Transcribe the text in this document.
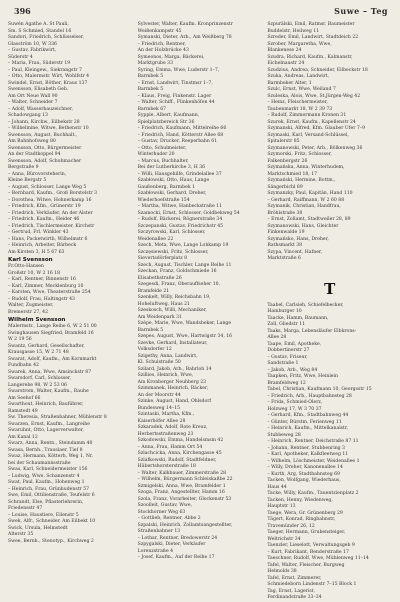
396	Suwe – Teg
Suwén Agathe A. St Pauli,
Sm. S Schmied, Standel 16
Sandori, Friedrich, Schlüsselser,
Glasström 10, W 336
– Gustav, Fabrikwirt,
Süderstr 4
– Maria, Frau, Süderstr 19
– Paul, Kleingew., Siekrangstr 7
– Otto, Malermstr. Wirt, Wohlfstr 4
Swindel, Ernst, Böther, Kraus 137
Swensson, Elisabeth Geb.
Am Ort Neue Wall 90
– Walter, Schneider 7
– Adolf, Wasserbauzeichner,
Schadowgang 13
– Johann, Kirchw., Eilbekstr 28
– Wilhelmine, Witwe, Bethenstr 10
Swensson, August, Buchhalt.,
Am Bahnhofsweg 80
Swensson, Otto, Bürgermeister
An der Stadtkoppel 94
Swensson, Adolf, Schuhmacher
Bergstraße 9
– Anna, Bürovorsteherin,
Kleine Bergstr 5
– August, Schlosser, Lange Weg 5
– Bernhard, Kaufm., Groß Borstelstr 3
– Dorothea, Witwe, Hohnerkamp 16
– Friedrich, Kfm., Grünerstr 19
– Friedrich, Verkäufer, An der Alster
– Friedrich, Kaufm., Heider 46
– Friedrich, Tischlermeister, Kirchstr
– Gertrud, Frl. Winkler 43
– Hans, Packetwirth, Wilhelmstr 6
– Heinrich, Arbeiter, Bärbeck
Am Kirsten 3, H 5 67 63
Karl Svensson
Fr.Otto-Hansen
Großstr 10, W 2 16 18
– Karl, Rentner, Binnenstr 16
– Karl, Zimmer, Mecklenburg 10
– Karsten, Wwe, Theaterstraße 254
– Rudolf, Frau, Haltingstr 43
Walter, Zugmeister,
Bremerstr 27, 42
Wilhelm Svensson
Malermstr., Lange Reihe 6, W 2 51 00
Swinghausen Siegfried, Bramfeld 16
W 2 19 56
Swantz, Gerhard, Gesellschafter,
Krausgasse 15, W 2 71 48
Swarat, Adolf, Kaufm., Am Kornmarkt
Fundbahn 42
Swarek, Anna, Wwe, Amsinckstr 87
Swarsdorf, Carl, Schlosser,
Langerebe 98, W 2 53 06
Swarstrom, Walter, Kaufm., Rauhe
Am Seehof 66
Swarthout, Heinrich, Bauführer,
Ramstedt 49
Sw. Theresia, Straßenbahner, Mühlenstr 8
Swarzen, Ernst, Kaufm., Langreihe
Swaruhnt, Otto, Lagerverwalter,
Am Kanal 12
Swarz, Anna, Rentn., Steindamm 40
Swasa, Bernh., Trauslaer, Tief 8
Swaz, Hermann, Kötterh, Weg 1, Nr.
bei der Schaumannsstraße
Swas, Karl, Schneidermeister 156
– Ludwig, Wwe, Schanzenstr 4
Swat, Paul, Kaufm., Hohenweg 1
– Heinrich, Frau, Grünhudenstr 57
Swe, Emil, Ottilienstraße, Teufelstr 6
Schrandt, Else, Pflasterlehrerin,
Friedensstr 47
– Louise, Haustiere, Eilenstr 5
Swek, Alfr., Schneider, Am Eilbekt 10
Swick, Ursula, Helmstedt
Alterstr 35
Swee, Bernh., Stenotyp., Kirchweg 2
Sylvester, Walter, Kaufm. Kronprinzenstr
Weißenkampstr 45
Symanski, Dieter, Arb., Am Weißberg 78
– Friedrich, Rentner,
An der Holzbrücke 43
Symeonos, Marga, Bäckerei,
Marktgrube 33
Syring, Emma, Wwe, Luderstr 1–7,
Barmbek 5
– Ernst, Landwirt, Tinstmsr 1–7,
Barmbek 5
– Klaus, Freig, Finkenstr. Lager
– Walter, Schiff., Flinkenhöfen 44
Barmbek 67
Sypple, Albert, Kaufmann,
Spielplatzbereich Str 36
– Friedrich, Kaufmann, Mittelreihe 66
– Friedrich, Hand, Kötterstr Allee 68
– Gustav, Drucker, Reeperbahn 61
– Otto, Schulmeister,
Winterhuder 20
– Marcus, Buchhalter,
Bei der Lutherkirche 3, H 36
– Willi, Hausgehilfe, Grindelallee 37
Szabłowski, Otto, Haus, Lange
Gaußenberg, Barmbek 1
Szabłowski, Gerhard, Dreher,
Wiederhoefstraße 154
– Martha, Witwe, Hanbeckstraße 11
Szamocki, Ernst, Schlosser, Goldbekweg 54
– Rudolf, Bäckerei, Rögnerstraße 34
Szczepanski, Gustav, Friedrichstr 45
Szczyrowski, Karl, Schlosser,
Weidenallee 22
Szech, Meta, Wwe, Lange Lohkamp 19
Szczęsiewski, Fritz, Schlosser,
Sievertsdörferplatz 8
Szech, August, Tischler, Lange Reihe 11
Szeckan, Franz, Goldschmiede 16
Elisabethstraße 26
Szegesdi, Franz, Oberauffseher 10,
Bramfelde 21
Szenkelt, Willy, Reichsbahn 19,
Hoheluftweg, Haus 21
Szeskosch, Willi, Mechaniker,
Am Weidenpark 31
Szépe, Marie, Wwe, Wandsbeker, Lange
Barmbek 5
Szepes, August, Wwe, Hartwigstr 34, 16
Szevke, Gerhard, Installateur,
Volksdorfer 12
Szigethy, Anna, Landwirt,
Kl. Schulstraße 50
Szilard, Jakob, Arb., Bahrloh 14
Szillies, Heinrich, Wwe,
Am Kronberger Neuhberg 23
Szimmanek, Heinrich, Bäcker,
An der Moorstr 44
Szinke, August, Hand, Ohlsdorf
Bundesweg 14–15
Szintaski, Martha, Kfm.,
Kaiserhöfer Allee 28
Szkaradek, Adolf, Rote Kreuz,
Herbertsstraßenweg 23
Szkodowski, Emma, Handelsmsm 42
– Anna, Frau, Hamm Ort 54
Szlachcicka, Anna, Kirchengasse 45
Szlafkowski, Rudolf, Stadtfeldner,
Hübertshorsterstraße 18
– Walter, Kalkbauer, Zimmerstraße 28
– Wilhelm, Bürgermann Schleiskaßbe 22
Szmigelski, Anna, Wwe, Bramfelder 1
Szoga, Franz, Angestellter, Hamm 16
Szola, Franz, Vorarbeiter, Glockenstr 53
Szoolleit, Gustav, Wwe,
Stockhorner Weg 63
– Gottlieb, Rentner, Abbe 2
Szpalski, Heinrich, Zollamtsangestellter,
Straßenbahner 13
– Lothar, Rentner, Bredowerstr 24
Szpygalski, Dieter, Verkäufer
Lorenzstraße 4
– Josef, Kaufm., Auf der Reihe 17
Szpurälski, Emil, Ratmsr, Baumeister
Buddelstr, Heilweg 11
Szreder, Emil, Landwirt, Stadtdeich 22
Szrober, Margaretha, Wwe,
Blankenese 24
Szudra, Richard, Kaufm., Kalmanstr,
Eichelnaustr 24
Szudzius, Andrea, Schneider, Eilbeckstr 18
Szuka, Andreas, Landwirt,
Barmbeker Alter, 1
Szulc, Ernst, Wwe, Weiland 7
Szuleska, Alois, Wwe, St.Jürgen-Weg 42
– Heinz, Fleischermeister,
Taubenmarkt 18, W 2 39 73
– Rudolf, Zimmermann Kronen 31
Szurek, Ernst, Kaufm., Kapellenstr 24
Szymanski, Alfred, Kfm. Glauber Ufer 7–9
Szymaski, Karl, Versand-Schlüssel,
Spitalerstr 85
Szymanowski, Peter, Arb., Bölkenweg 36
Szymorski, Fritz, Schlosser,
Falkenbergstr 26
Szymańska, Anna, Winterhudem,
Marktschmied 18, 17
Szymański, Hermine, Bottm.,
Sängerbichl 89
Szymanzky, Paul, Kapitän, Hand 110
– Gerhard, Raiffmann, W 2 60 88
Szymanik, Christian, Handfrau,
Bröhlstraße 38
– Ernst, Zollamt, Stadtweiler 28, 89
Szymanowski, Hans, Gleichter
Finkenwalde 19
Szymańsko, Hans, Dreher,
Rathsmarkt 38
Szypa, Vincent, Hafner,
Marktstraße 6
T
Taabel, Carlsieh, Schiefelbecker,
Hamburger 10
Taacke, Hamm, Baumann,
Zoll, Gliedstr 11
Taaks, Marga, Lebensläufer Elbkrons-
Allee 28
Taape, Emil, Apotheke,
Dobbertinerstr 27
– Gustav, Friseur,
Sandstraße 1
– Jakob, Arb., Weg 84
Taapken, Fritz, Wwe, Heinlein
Bramfeldweg 12
Tabel, Christian, Kaufmann 10, Georgsstr 15
– Friedrich, Arb., Hauptbahnsteg 28
– Frida, Schmied-Olerz,
Holzweg 17, W 3 70 37
– Gerhard, Kfm., Stadtbahnweg 44
– Günter, Bürstm, Ferienweg 11
– Heinrich, Kaufm., Mittelkanalstr,
Stubbeweg 28
– Heinrich, Rentner, Deichstraße 87 11
– Johann, Rentner, Stubbenring 3
– Karl, Apotheker, Kalkfleetweg 11
– Wilhelm, Löschmeister, Weidenallee 1
– Willy, Dreher, Kanonenallee 14
– Kurth, Arg, Stadtbahnsteg 69
Tacken, Wolfgang, Wiederhaus,
Haus 44
Tacke, Willy, Kaufm., Tauentzienplatz 2
Tacken, Henny, Wiedenweg,
Hauptstr 13
Taege, Wera, Gr. Grünenberg 29
Tägert, Konrad, Ringbahnstr,
Travemünder 26, 12
Taeger, Hermann, Grubensteiger,
Weltrichstr 34
Taenzler, Lieselott, Verwaltungsgeb 9
– Kurt, Fabrikant, Benderstraße 17
Taeschner, Rudolf, Wwe, Mühlenweg 11–14
Tafel, Walter, Fleischer, Burgweg
Helmolds 38
Tafel, Ernst, Zimmerer,
Schmiedeborn Lindenstr 7–15 Block 1
Tag, Ernst, Lagerist,
Ferdinandstraße 33–34
